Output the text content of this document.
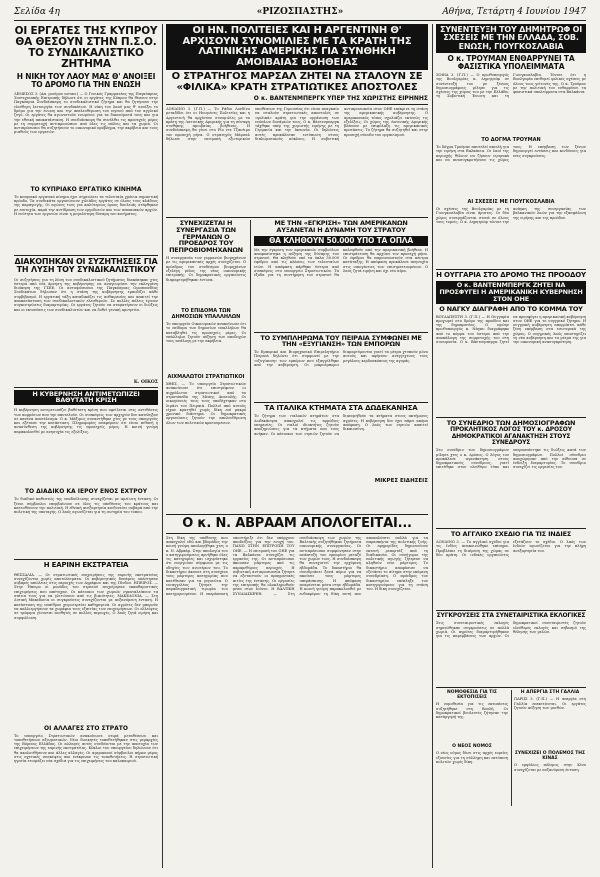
Σελίδα 4η	«ΡΙΖΟΣΠΑΣΤΗΣ»	Αθήνα, Τετάρτη 4 Ιουνίου 1947
ΟΙ ΕΡΓΑΤΕΣ ΤΗΣ ΚΥΠΡΟΥ ΘΑ ΘΕΣΟΥΝ ΣΤΗΝ Π.Σ.Ο. ΤΟ ΣΥΝΔΙΚΑΛΙΣΤΙΚΟ ΖΗΤΗΜΑ
Η ΝΙΚΗ ΤΟΥ ΛΑΟΥ ΜΑΣ Θ' ΑΝΟΙΞΕΙ ΤΟ ΔΡΟΜΟ ΓΙΑ ΤΗΝ ΕΝΩΣΗ
ΛΕΜΕΣΟΣ 3. (Απ. μονίμου ανταπ.) — Ο Γενικός Γραμματέας της Παγκύπριας Συντεχνιακής Επιτροπής δήλωσε ότι οι εργάτες της Κύπρου θα θέσουν στην Παγκύπρια Συνδιάσκεψη το συνδικαλιστικό ζήτημα και θα ζητήσουν την ελεύθερη λειτουργία των συνδικάτων. Η νίκη του λαού μας θ' ανοίξει το δρόμο για την ένωση και την απελευθέρωση του νησιού από τον αγγλικό ζυγό. Οι εργάτες θα αγωνιστούν ενωμένοι για τα δικαιώματά τους και για την εθνική αποκατάσταση. Η συνδιάσκεψη θα συνέλθει τις προσεχείς μέρες με τη συμμετοχή αντιπροσώπων από όλες τις πόλεις και τα χωριά. Οι αντιπρόσωποι θα συζητήσουν το οικονομικό πρόβλημα, την ακρίβεια και τους μισθούς των εργατών.
ΤΟ ΚΥΠΡΙΑΚΟ ΕΡΓΑΤΙΚΟ ΚΙΝΗΜΑ
Το κυπριακό εργατικό κίνημα έχει σημειώσει τα τελευταία χρόνια σημαντική πρόοδο. Τα συνδικάτα οργανώνουν χιλιάδες εργάτες σε όλους τους κλάδους της παραγωγής. Οι αγώνες τους για καλύτερους όρους δουλειάς στέφθηκαν με επιτυχία, παρά την αντίδραση των εργοδοτών και των αποικιακών αρχών. Η ενότητα των εργατών είναι η μεγαλύτερη δύναμη του κινήματος.
ΔΙΑΚΟΠΗΚΑΝ ΟΙ ΣΥΖΗΤΗΣΕΙΣ ΓΙΑ ΤΗ ΛΥΣΗ ΤΟΥ ΣΥΝΔΙΚΑΛΙΣΤΙΚΟΥ
Οι συζητήσεις για τη λύση του συνδικαλιστικού ζητήματος διακόπηκαν χτες ύστερα από νέα άρνηση της κυβέρνησης να αναγνωρίσει την εκλεγμένη διοίκηση της ΓΣΕΕ. Οι αντιπρόσωποι της Παγκόσμιας Ομοσπονδίας Συνδικάτων δήλωσαν ότι η στάση της κυβέρνησης εμποδίζει κάθε συμβιβασμό. Η εργατική τάξη καταδικάζει τις αυθαιρεσίες και απαιτεί την αποκατάσταση των συνδικαλιστικών ελευθεριών. Σε πολλές πόλεις έγιναν συγκεντρώσεις διαμαρτυρίας. Οι εργάτες ζητούν να σταματήσουν οι διώξεις και οι εκτοπίσεις των συνδικαλιστών και να δοθεί γενική αμνηστία.
Κ. ΟΙΚΟΣ
Η ΚΥΒΕΡΝΗΣΗ ΑΝΤΙΜΕΤΩΠΙΖΕΙ ΒΑΘΥΤΑΤΗ ΚΡΙΣΗ
Η κυβέρνηση αντιμετωπίζει βαθύτατη κρίση που οφείλεται στις αντιθέσεις των κομμάτων που την αποτελούν. Οι συσκέψεις των αρχηγών δεν κατέληξαν σε κανένα αποτέλεσμα. Ο κ. Μάξιμος συναντήθηκε χτες με τους υπουργούς και εξέτασε την κατάσταση. Πληροφορίες αναφέρουν ότι είναι πιθανή η ανασύνθεση της κυβέρνησης τις προσεχείς μέρες. Η κοινή γνώμη παρακολουθεί με ανησυχία τις εξελίξεις.
ΤΟ ΔΙΑΔΙΚΟ ΚΑ ΙΕΡΟΥ ΕΝΟΣ ΕΧΤΡΟΥ
Το διαδικό καθεστώς της υποδούλωσης συνεχίζεται με αμείωτη ένταση. Οι ξένοι σύμβουλοι επεμβαίνουν σε όλες τις υποθέσεις του κράτους και κατευθύνουν την πολιτική. Η εθνική ανεξαρτησία κινδυνεύει σοβαρά από την πολιτική της υποταγής. Ο λαός αγωνίζεται για τη σωτηρία του τόπου.
Η ΕΑΡΙΝΗ ΕΚΣΤΡΑΤΕΙΑ
ΘΕΣΣΑΛΙΑ. — Οι στρατιωτικές επιχειρήσεις της εαρινής εκστρατείας συνεχίζονται χωρίς αποτελέσματα. Οι κυβερνητικές δυνάμεις υπέστησαν σοβαρές απώλειες στις περιοχές των Αγράφων και της Πίνδου. ΗΠΕΙΡΟΣ. — Στην Ήπειρο οι μονάδες του στρατού επιχείρησαν εκκαθαριστικές επιχειρήσεις που απέτυχαν. Οι κάτοικοι των χωριών εγκαταλείπουν τα σπίτια τους για να γλιτώσουν από τις βιαιότητες. ΜΑΚΕΔΟΝΙΑ. — Στη Δυτική Μακεδονία οι συγκρούσεις συνεχίζονται με αυξανόμενη ένταση. Η κατάσταση της υπαίθρου χειροτερεύει καθημερινά. Οι αγρότες δεν μπορούν να καλλιεργήσουν τα χωράφια τους εξαιτίας των επιχειρήσεων. Οι ελλείψεις σε τρόφιμα γίνονται αισθητές σε πολλές περιοχές. Ο λαός ζητά ειρήνη και συμφιλίωση.
ΟΙ ΑΛΛΑΓΕΣ ΣΤΟ ΣΤΡΑΤΟ
Το υπουργείο Στρατιωτικών ανακοίνωσε σειρά μεταθέσεων και τοποθετήσεων αξιωματικών. Νέοι διοικητές τοποθετήθηκαν στις μεραρχίες της Βόρειας Ελλάδας. Οι αλλαγές αυτές συνδέονται με την αποτυχία των επιχειρήσεων της εαρινής εκστρατείας. Κύκλοι του υπουργείου δηλώνουν ότι θα ακολουθήσουν και άλλες αλλαγές. Οι αμερικανοί σύμβουλοι πήραν μέρος στις σχετικές συσκέψεις και ενέκριναν τις τοποθετήσεις. Η στρατιωτική ηγεσία ετοιμάζει νέα σχέδια για τις επιχειρήσεις του καλοκαιριού.
ΟΙ ΗΝ. ΠΟΛΙΤΕΙΕΣ ΚΑΙ Η ΑΡΓΕΝΤΙΝΗ Θ' ΑΡΧΙΣΟΥΝ ΣΥΝΟΜΙΛΙΕΣ ΜΕ ΤΑ ΚΡΑΤΗ ΤΗΣ ΛΑΤΙΝΙΚΗΣ ΑΜΕΡΙΚΗΣ ΓΙΑ ΣΥΝΘΗΚΗ ΑΜΟΙΒΑΙΑΣ ΒΟΗΘΕΙΑΣ
Ο ΣΤΡΑΤΗΓΟΣ ΜΑΡΣΑΛ ΖΗΤΕΙ ΝΑ ΣΤΑΛΟΥΝ ΣΕ «ΦΙΛΙΚΑ» ΚΡΑΤΗ ΣΤΡΑΤΙΩΤΙΚΕΣ ΑΠΟΣΤΟΛΕΣ
Ο κ. ΒΑΝΤΕΝΜΠΕΡΓΚ ΥΠΕΡ ΤΗΣ ΧΩΡΙΣΤΗΣ ΕΙΡΗΝΗΣ
ΛΟΝΔΙΝΟ 3. (Γ.Π.) — Το Ράδιο Λονδίνο μεταδίδει ότι οι Ηνωμένες Πολιτείες και η Αργεντινή θα αρχίσουν συνομιλίες με τα κράτη της Λατινικής Αμερικής για τη σύναψη συνθήκης αμοιβαίας βοήθειας. Η συνδιάσκεψη θα γίνει στο Ρίο ντε Τζανέιρο τον προσεχή μήνα. Ο στρατηγός Μάρσαλ δήλωσε στην επιτροπή εξωτερικών υποθέσεων της Γερουσίας ότι είναι αναγκαίο να σταλούν στρατιωτικές αποστολές σε «φιλικά» κράτη για την οργάνωση των ενόπλων δυνάμεών τους. Ο κ. Βάντενμπεργκ τάχθηκε υπέρ της χωριστής ειρήνης με τη Γερμανία και την Ιαπωνία. Οι δηλώσεις αυτές προκάλεσαν εντύπωση στους διπλωματικούς κύκλους. Η σοβιετική αντιπροσωπεία στον ΟΗΕ επέκρινε τη στάση της αμερικανικής κυβέρνησης. Ο αμερικανικός τύπος σχολιάζει εκτενώς τις εξελίξεις. Οι χώρες της Λατινικής Αμερικής βλέπουν με επιφύλαξη τις αμερικανικές προτάσεις. Το ζήτημα θα συζητηθεί και στην προσεχή σύνοδο του οργανισμού.
ΣΥΝΕΧΙΖΕΤΑΙ Η ΣΥΝΕΡΓΑΣΙΑ ΤΩΝ ΓΕΡΜΑΝΩΝ Ο ΠΡΟΕΔΡΟΣ ΤΟΥ ΠΕΠΡΟΒΙΟΜΗΧΑΝΩΝ
Η συνεργασία των γερμανών βιομηχάνων με τις αμερικανικές αρχές συνεχίζεται. Ο πρόεδρος του συνδέσμου βιομηχάνων εξελέγη μέλος της νέας οικονομικής επιτροπής. Οι δημοκρατικές οργανώσεις διαμαρτυρήθηκαν έντονα.
ΤΟ ΕΠΙΔΟΜΑ ΤΩΝ ΔΗΜΟΣΙΩΝ ΥΠΑΛΛΗΛΩΝ
Το υπουργείο Οικονομικών ανακοίνωσε ότι το επίδομα των δημοσίων υπαλλήλων θα καταβληθεί τις προσεχείς μέρες. Οι υπάλληλοι ζητούν αύξηση των αποδοχών τους ανάλογη με την ακρίβεια.
ΑΙΧΜΑΛΩΤΟΙ ΣΤΡΑΤΙΩΤΙΚΟΙ
ΧΘΕΣ. — Το υπουργείο Στρατιωτικών ανακοίνωσε ότι επιστρέφουν οι αιχμάλωτοι στρατιωτικοί από τα στρατόπεδα της Μέσης Ανατολής. Οι οικογένειές τους τους υποδέχτηκαν στο λιμάνι του Πειραιά. Πολλοί από αυτούς είχαν κρατηθεί χωρίς δίκη επί μακρό χρονικό διάστημα. Οι δημοκρατικές οργανώσεις ζητούν την απελευθέρωση όλων των πολιτικών κρατουμένων.
ΜΕ ΤΗΝ «ΕΓΚΡΙΣΗ» ΤΩΝ ΑΜΕΡΙΚΑΝΩΝ ΑΥΞΑΝΕΤΑΙ Η ΔΥΝΑΜΗ ΤΟΥ ΣΤΡΑΤΟΥ
ΘΑ ΚΛΗΘΟΥΝ 50.000 ΥΠΟ ΤΑ ΟΠΛΑ
Με την έγκριση των αμερικανών συμβούλων αποφασίστηκε η αύξηση της δύναμης του στρατού. Θα κληθούν υπό τα όπλα 50.000 έφεδροι από τις κλάσεις των τελευταίων ετών. Η απόφαση πάρθηκε ύστερα από συσκέψεις στο υπουργείο Στρατιωτικών. Τα έξοδα για τη συντήρηση του στρατού θα καλυφθούν από την αμερικανική βοήθεια. Η επιστράτευση θα αρχίσει τον προσεχή μήνα. Οι έφεδροι θα παρουσιαστούν στα κέντρα κατάταξης. Η απόφαση προκάλεσε ανησυχία στις οικογένειες των επιστρατευομένων. Ο λαός ζητά ειρήνη και όχι νέο αίμα.
ΤΟ ΣΥΜΠΛΗΡΩΜΑ ΤΟΥ ΠΕΙΡΑΙΑ ΣΥΜΦΩΝΕΙ ΜΕ ΤΗΝ «ΕΞΥΓΙΑΝΣΗ» ΤΩΝ ΕΜΠΟΡΩΝ
Το Εμπορικό και Βιομηχανικό Επιμελητήριο Πειραιά δηλώνει ότι συμφωνεί με την «εξυγίανση» των εμπόρων που εξαγγέλθηκε από την κυβέρνηση. Οι μικροέμποροι διαμαρτύρονται γιατί τα μέτρα χτυπούν μόνο αυτούς και αφήνουν ανέγγιχτους τους μεγάλους κερδοσκόπους της αγοράς.
ΤΑ ΙΤΑΛΙΚΑ ΚΤΗΜΑΤΑ ΣΤΑ ΔΩΔΕΚΑΝΗΣΑ
Το ζήτημα των ιταλικών κτημάτων στα Δωδεκάνησα απασχολεί τις αρμόδιες υπηρεσίες. Οι ιταλοί ιδιοκτήτες ζητούν αποζημιώσεις για τα κτήματα που τους ανήκαν. Οι κάτοικοι των νησιών ζητούν να διανεμηθούν τα κτήματα στους ακτήμονες αγρότες. Η κυβέρνηση δεν έχει πάρει ακόμα απόφαση. Ο λαός των νησιών απαιτεί δικαιοσύνη.
ΜΙΚΡΕΣ ΕΙΔΗΣΕΙΣ
Ο κ. Ν. ΑΒΡΑΑΜ ΑΠΟΛΟΓΕΙΤΑΙ...
Στη δίκη της υπόθεσης που απασχολεί εδώ και βδομάδες την κοινή γνώμη απολογήθηκε χτες ο κ. Ν. Αβραάμ. Στην απολογία του ο κατηγορούμενος αρνήθηκε όλες τις κατηγορίες και ισχυρίστηκε ότι ενεργούσε σύμφωνα με τις οδηγίες των ανωτέρων του. Το δικαστήριο άκουσε στη συνέχεια τους μάρτυρες κατηγορίας που κατέθεσαν για τα γεγονότα. Ο εισαγγελέας ζήτησε την παραδειγματική τιμωρία του κατηγορουμένου. Η υπεράσπιση υποστήριξε ότι δεν υπάρχουν αποδείξεις για την ενοχή του. ΠΑΝΩ ΣΤΗΝ ΕΠΙΤΡΟΠΗ ΤΟΥ ΟΗΕ. — Η επιτροπή του ΟΗΕ για τα Βαλκάνια συνεχίζει τις εργασίες της. Οι αντιπρόσωποι άκουσαν μάρτυρες από τις παραμεθόριες περιοχές. Η σοβιετική αντιπροσωπεία ζήτησε να εξεταστούν οι πραγματικές αιτίες της έντασης. Οι εργασίες της επιτροπής θα ολοκληρωθούν μέσα στον Ιούνιο. Η ΒΑΛΤΙΚΗ ΣΥΝΔΙΑΣΚΕΨΗ. — Στη συνδιάσκεψη των χωρών της Βαλτικής συζητήθηκαν ζητήματα οικονομικής συνεργασίας. Οι αντιπρόσωποι συμφώνησαν στην ανάπτυξη του εμπορίου μεταξύ των χωρών τους. Η συνδιάσκεψη θα συνεχιστεί την ερχόμενη εβδομάδα. Το δικαστήριο θα συνεδριάσει ξανά αύριο για να ακούσει τους μάρτυρες υπεράσπισης. Η απόφαση αναμένεται μέσα στην εβδομάδα. Η κοινή γνώμη παρακολουθεί με ενδιαφέρον τη δίκη αυτή που αποκαλύπτει πολλά για τα παρασκήνια της πολιτικής ζωής. Οι εφημερίδες δημοσιεύουν εκτενή ρεπορτάζ από τη διαδικασία. Οι συνήγοροι της πολιτικής αγωγής ζήτησαν να κληθούν νέοι μάρτυρες. Το δικαστήριο αποφάσισε να εξετάσει το αίτημα στην επόμενη συνεδρίαση. Ο πρόεδρος του δικαστηρίου επέπληξε τον κατηγορούμενο για τη στάση του. Η δίκη συνεχίζεται.
ΣΥΝΕΝΤΕΥΞΗ ΤΟΥ ΔΗΜΗΤΡΩΦ ΟΙ ΣΧΕΣΕΙΣ ΜΕ ΤΗΝ ΕΛΛΑΔΑ, ΣΟΒ. ΕΝΩΣΗ, ΓΙΟΥΓΚΟΣΛΑΒΙΑ
Ο κ. ΤΡΟΥΜΑΝ ΕΝΘΑΡΡΥΝΕΙ ΤΑ ΦΑΣΙΣΤΙΚΑ ΥΠΟΛΕΙΜΜΑΤΑ
ΣΟΦΙΑ 3. (Γ.Π.) — Ο πρωθυπουργός της Βουλγαρίας κ. Δημητρώφ σε συνέντευξή του με ξένους δημοσιογράφους μίλησε για τις σχέσεις της χώρας του με την Ελλάδα, τη Σοβιετική Ένωση και τη Γιουγκοσλαβία. Τόνισε ότι η Βουλγαρία επιθυμεί φιλικές σχέσεις με όλους τους γείτονές της. Ο κ. Τρούμαν με την πολιτική του ενθαρρύνει τα φασιστικά υπολείμματα στα Βαλκάνια.
ΤΟ ΔΟΓΜΑ ΤΡΟΥΜΑΝ
Το δόγμα Τρούμαν αποτελεί απειλή για την ειρήνη στα Βαλκάνια. Οι λαοί της περιοχής θέλουν να ζήσουν ειρηνικά και να ανασυγκροτήσουν τις χώρες τους. Η επέμβαση των ξένων δημιουργεί εντάσεις και κινδύνους για νέες συγκρούσεις.
ΑΙ ΣΧΕΣΕΙΣ ΜΕ ΓΙΟΥΓΚΟΣΛΑΒΙΑ
Οι σχέσεις της Βουλγαρίας με τη Γιουγκοσλαβία είναι άριστες. Οι δύο χώρες συνεργάζονται στενά σε όλους τους τομείς. Ο κ. Δημητρώφ τόνισε την ανάγκη της συνεργασίας των βαλκανικών λαών για την εξασφάλιση της ειρήνης και της προόδου.
Η ΟΥΓΓΑΡΙΑ ΣΤΟ ΔΡΟΜΟ ΤΗΣ ΠΡΟΟΔΟΥ
Ο κ. ΒΑΝΤΕΝΜΠΕΡΓΚ ΖΗΤΕΙ ΝΑ ΠΡΟΣΦΥΓΕΙ Η ΑΜΕΡΙΚΑΝΙΚΗ ΚΥΒΕΡΝΗΣΗ ΣΤΟΝ ΟΗΕ
Ο ΝΑΓΚΥ ΔΙΑΓΡΑΦΗ ΑΠΟ ΤΟ ΚΟΜΜΑ ΤΟΥ
ΒΟΥΔΑΠΕΣΤΗ 3. (Γ.Π.) — Η Ουγγαρία προχωρεί στο δρόμο της προόδου και της δημοκρατίας. Ο πρώην πρωθυπουργός κ. Νάγκυ διαγράφηκε από το κόμμα του ύστερα από την αποκάλυψη της συμμετοχής του στη συνωμοσία. Ο κ. Βάντενμπεργκ ζητεί να προσφύγει η αμερικανική κυβέρνηση στον ΟΗΕ για το ουγγρικό ζήτημα. Η ουγγρική κυβέρνηση απορρίπτει κάθε ξένη επέμβαση στα εσωτερικά της χώρας. Ο ουγγρικός λαός υποστηρίζει τη νέα κυβέρνηση και τα μέτρα της για την οικονομική ανασυγκρότηση.
ΤΟ ΣΥΝΕΔΡΙΟ ΤΩΝ ΔΗΜΟΣΙΟΓΡΑΦΩΝ
ΠΡΟΚΛΗΤΙΚΟΣ ΛΟΓΟΣ ΤΟΥ κ. ΔΡΟΣΟΥ ΔΗΜΟΚΡΑΤΙΚΟΙ ΑΓΑΝΑΚΤΗΣΗ ΣΤΟΥΣ ΣΥΝΕΔΡΟΥΣ
Στο συνέδριο των δημοσιογράφων μίλησε χτες ο κ. Δρόσος. Ο λόγος του προκάλεσε αγανάκτηση στους δημοκρατικούς συνέδρους, γιατί επιτέθηκε στον ελεύθερο τύπο και υπερασπίστηκε τις διώξεις κατά των δημοσιογράφων. Πολλοί σύνεδροι αποχώρησαν από την αίθουσα σε ένδειξη διαμαρτυρίας. Το συνέδριο συνεχίζει τις εργασίες του.
ΤΟ ΑΓΓΛΙΚΟ ΣΧΕΔΙΟ ΓΙΑ ΤΙΣ ΙΝΔΙΕΣ
ΛΟΝΔΙΝΟ 3. — Το αγγλικό σχέδιο για τις Ινδίες ανακοινώθηκε επίσημα. Προβλέπει τη διαίρεση της χώρας σε δύο κράτη. Οι ινδικές οργανώσεις εξετάζουν το σχέδιο. Ο λαός των Ινδιών αγωνίζεται για την πλήρη ανεξαρτησία του.
ΣΥΓΚΡΟΥΣΕΙΣ ΣΤΑ ΣΥΝΕΤΑΙΡΙΣΤΙΚΑ ΕΚΛΟΓΙΚΕΣ
Στις συνεταιριστικές εκλογές σημειώθηκαν συγκρούσεις σε πολλά χωριά. Οι αγρότες διαμαρτυρήθηκαν για τις παρεμβάσεις των αρχών. Οι δημοκρατικοί συνεταιριστές ζητούν ελεύθερες εκλογές και σεβασμό της θέλησης των μελών.
ΝΟΜΟΘΕΣΙΑ ΓΙΑ ΤΙΣ ΕΚΤΟΠΙΣΕΙΣ
Η νομοθεσία για τις εκτοπίσεις συζητήθηκε στη Βουλή. Οι δημοκρατικοί βουλευτές ζήτησαν την κατάργησή της.
Ο ΝΕΟΣ ΝΟΜΟΣ
Ο νέος νόμος δίνει στις αρχές ευρείες εξουσίες για τη σύλληψη και εκτόπιση πολιτών χωρίς δίκη.
Η ΑΠΕΡΓΙΑ ΣΤΗ ΓΑΛΛΙΑ
ΠΑΡΙΣΙ 3. (Γ.Π.) — Η απεργία στη Γαλλία επεκτείνεται. Οι εργάτες ζητούν αύξηση των μισθών.
ΣΥΝΕΧΙΖΕΙ Ο ΠΟΛΕΜΟΣ ΤΗΣ ΚΙΝΑΣ
Ο εμφύλιος πόλεμος στην Κίνα συνεχίζεται με αυξανόμενη ένταση.
